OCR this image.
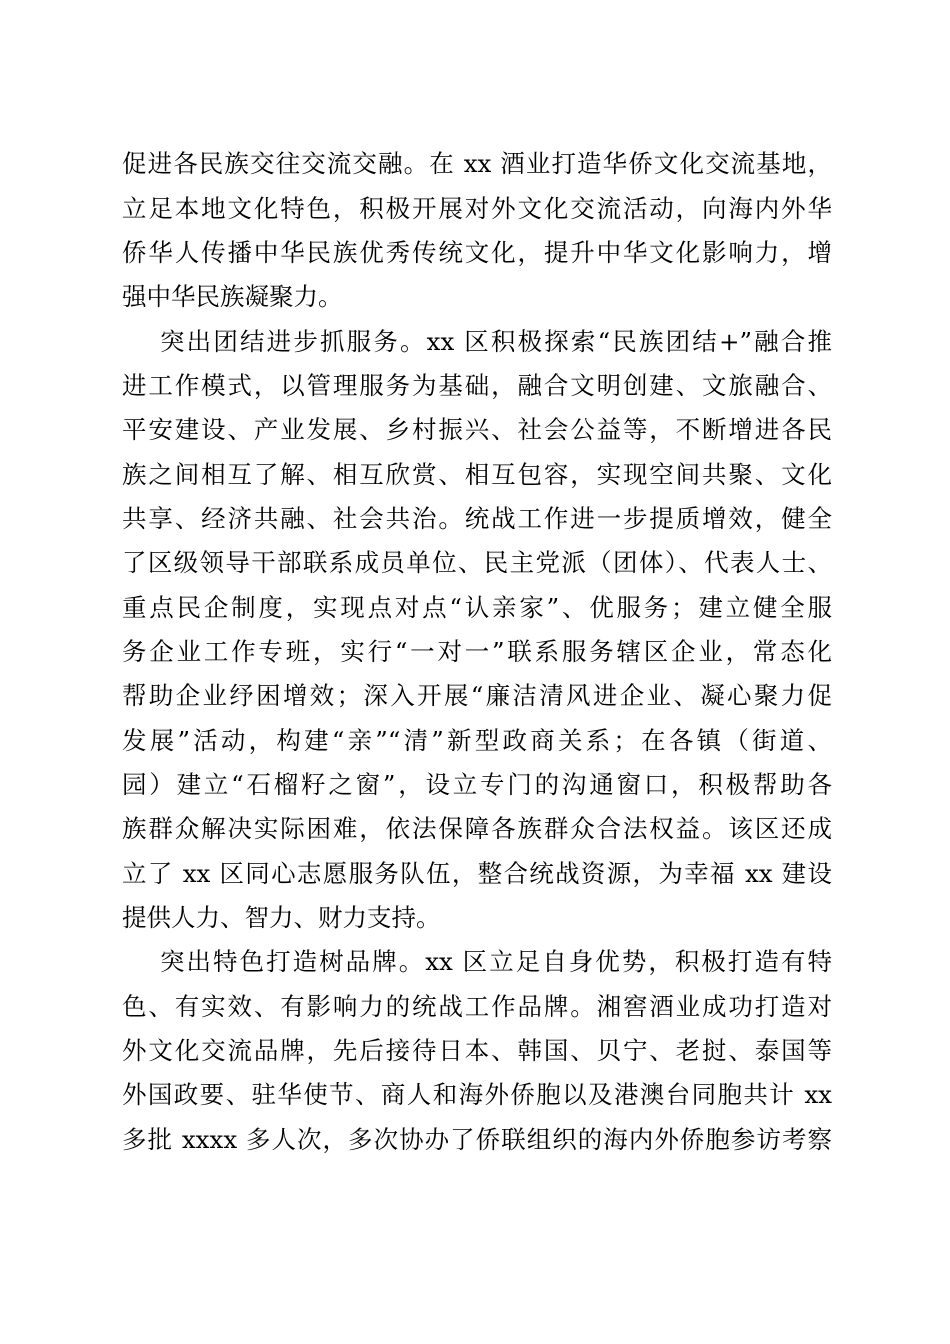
促进各民族交往交流交融。在 xx 酒业打造华侨文化交流基地，
立足本地文化特色，积极开展对外文化交流活动，向海内外华
侨华人传播中华民族优秀传统文化，提升中华文化影响力，增
强中华民族凝聚力。
突出团结进步抓服务。xx 区积极探索“民族团结+”融合推
进工作模式，以管理服务为基础，融合文明创建、文旅融合、
平安建设、产业发展、乡村振兴、社会公益等，不断增进各民
族之间相互了解、相互欣赏、相互包容，实现空间共聚、文化
共享、经济共融、社会共治。统战工作进一步提质增效，健全
了区级领导干部联系成员单位、民主党派（团体）、代表人士、
重点民企制度，实现点对点“认亲家”、优服务；建立健全服
务企业工作专班，实行“一对一”联系服务辖区企业，常态化
帮助企业纾困增效；深入开展“廉洁清风进企业、凝心聚力促
发展”活动，构建“亲”“清”新型政商关系；在各镇（街道、
园）建立“石榴籽之窗”，设立专门的沟通窗口，积极帮助各
族群众解决实际困难，依法保障各族群众合法权益。该区还成
立了 xx 区同心志愿服务队伍，整合统战资源，为幸福 xx 建设
提供人力、智力、财力支持。
突出特色打造树品牌。xx 区立足自身优势，积极打造有特
色、有实效、有影响力的统战工作品牌。湘窖酒业成功打造对
外文化交流品牌，先后接待日本、韩国、贝宁、老挝、泰国等
外国政要、驻华使节、商人和海外侨胞以及港澳台同胞共计 xx
多批 xxxx 多人次，多次协办了侨联组织的海内外侨胞参访考察
